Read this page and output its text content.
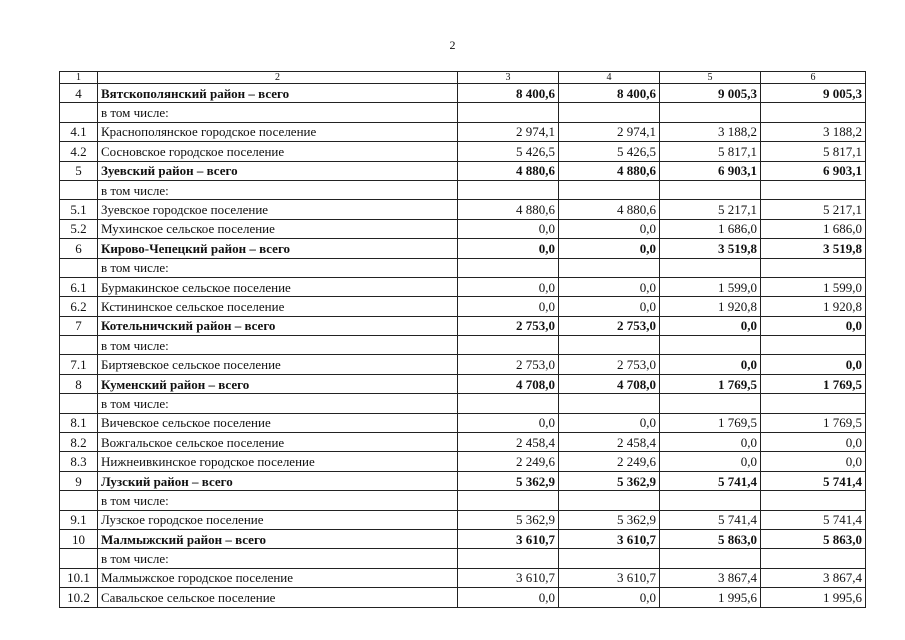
2
1	2	3	4	5	6
4	Вятскополянский район – всего	8 400,6	8 400,6	9 005,3	9 005,3
	в том числе:				
4.1	Краснополянское городское поселение	2 974,1	2 974,1	3 188,2	3 188,2
4.2	Сосновское городское поселение	5 426,5	5 426,5	5 817,1	5 817,1
5	Зуевский район – всего	4 880,6	4 880,6	6 903,1	6 903,1
	в том числе:				
5.1	Зуевское городское поселение	4 880,6	4 880,6	5 217,1	5 217,1
5.2	Мухинское сельское поселение	0,0	0,0	1 686,0	1 686,0
6	Кирово-Чепецкий район – всего	0,0	0,0	3 519,8	3 519,8
	в том числе:				
6.1	Бурмакинское сельское поселение	0,0	0,0	1 599,0	1 599,0
6.2	Кстининское сельское поселение	0,0	0,0	1 920,8	1 920,8
7	Котельничский район – всего	2 753,0	2 753,0	0,0	0,0
	в том числе:				
7.1	Биртяевское сельское поселение	2 753,0	2 753,0	0,0	0,0
8	Куменский район – всего	4 708,0	4 708,0	1 769,5	1 769,5
	в том числе:				
8.1	Вичевское сельское поселение	0,0	0,0	1 769,5	1 769,5
8.2	Вожгальское сельское поселение	2 458,4	2 458,4	0,0	0,0
8.3	Нижнеивкинское городское поселение	2 249,6	2 249,6	0,0	0,0
9	Лузский район – всего	5 362,9	5 362,9	5 741,4	5 741,4
	в том числе:				
9.1	Лузское городское поселение	5 362,9	5 362,9	5 741,4	5 741,4
10	Малмыжский район – всего	3 610,7	3 610,7	5 863,0	5 863,0
	в том числе:				
10.1	Малмыжское городское поселение	3 610,7	3 610,7	3 867,4	3 867,4
10.2	Савальское сельское поселение	0,0	0,0	1 995,6	1 995,6
